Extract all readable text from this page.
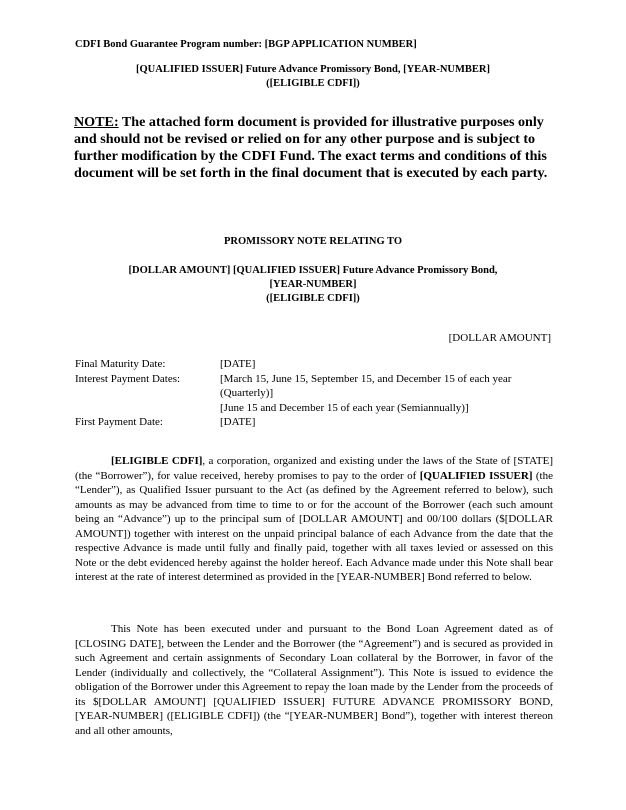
CDFI Bond Guarantee Program number: [BGP APPLICATION NUMBER]
[QUALIFIED ISSUER] Future Advance Promissory Bond, [YEAR-NUMBER]
([ELIGIBLE CDFI])
NOTE: The attached form document is provided for illustrative purposes only and should not be revised or relied on for any other purpose and is subject to further modification by the CDFI Fund. The exact terms and conditions of this document will be set forth in the final document that is executed by each party.
PROMISSORY NOTE RELATING TO
[DOLLAR AMOUNT] [QUALIFIED ISSUER] Future Advance Promissory Bond,
[YEAR-NUMBER]
([ELIGIBLE CDFI])
[DOLLAR AMOUNT]
Final Maturity Date:	[DATE]
Interest Payment Dates:	[March 15, June 15, September 15, and December 15 of each year (Quarterly)]
[June 15 and December 15 of each year (Semiannually)]
First Payment Date:	[DATE]
[ELIGIBLE CDFI], a corporation, organized and existing under the laws of the State of [STATE] (the “Borrower”), for value received, hereby promises to pay to the order of [QUALIFIED ISSUER] (the “Lender”), as Qualified Issuer pursuant to the Act (as defined by the Agreement referred to below), such amounts as may be advanced from time to time to or for the account of the Borrower (each such amount being an “Advance”) up to the principal sum of [DOLLAR AMOUNT] and 00/100 dollars ($[DOLLAR AMOUNT]) together with interest on the unpaid principal balance of each Advance from the date that the respective Advance is made until fully and finally paid, together with all taxes levied or assessed on this Note or the debt evidenced hereby against the holder hereof. Each Advance made under this Note shall bear interest at the rate of interest determined as provided in the [YEAR-NUMBER] Bond referred to below.
This Note has been executed under and pursuant to the Bond Loan Agreement dated as of [CLOSING DATE], between the Lender and the Borrower (the “Agreement”) and is secured as provided in such Agreement and certain assignments of Secondary Loan collateral by the Borrower, in favor of the Lender (individually and collectively, the “Collateral Assignment”). This Note is issued to evidence the obligation of the Borrower under this Agreement to repay the loan made by the Lender from the proceeds of its $[DOLLAR AMOUNT] [QUALIFIED ISSUER] FUTURE ADVANCE PROMISSORY BOND, [YEAR-NUMBER] ([ELIGIBLE CDFI]) (the “[YEAR-NUMBER] Bond”), together with interest thereon and all other amounts,
